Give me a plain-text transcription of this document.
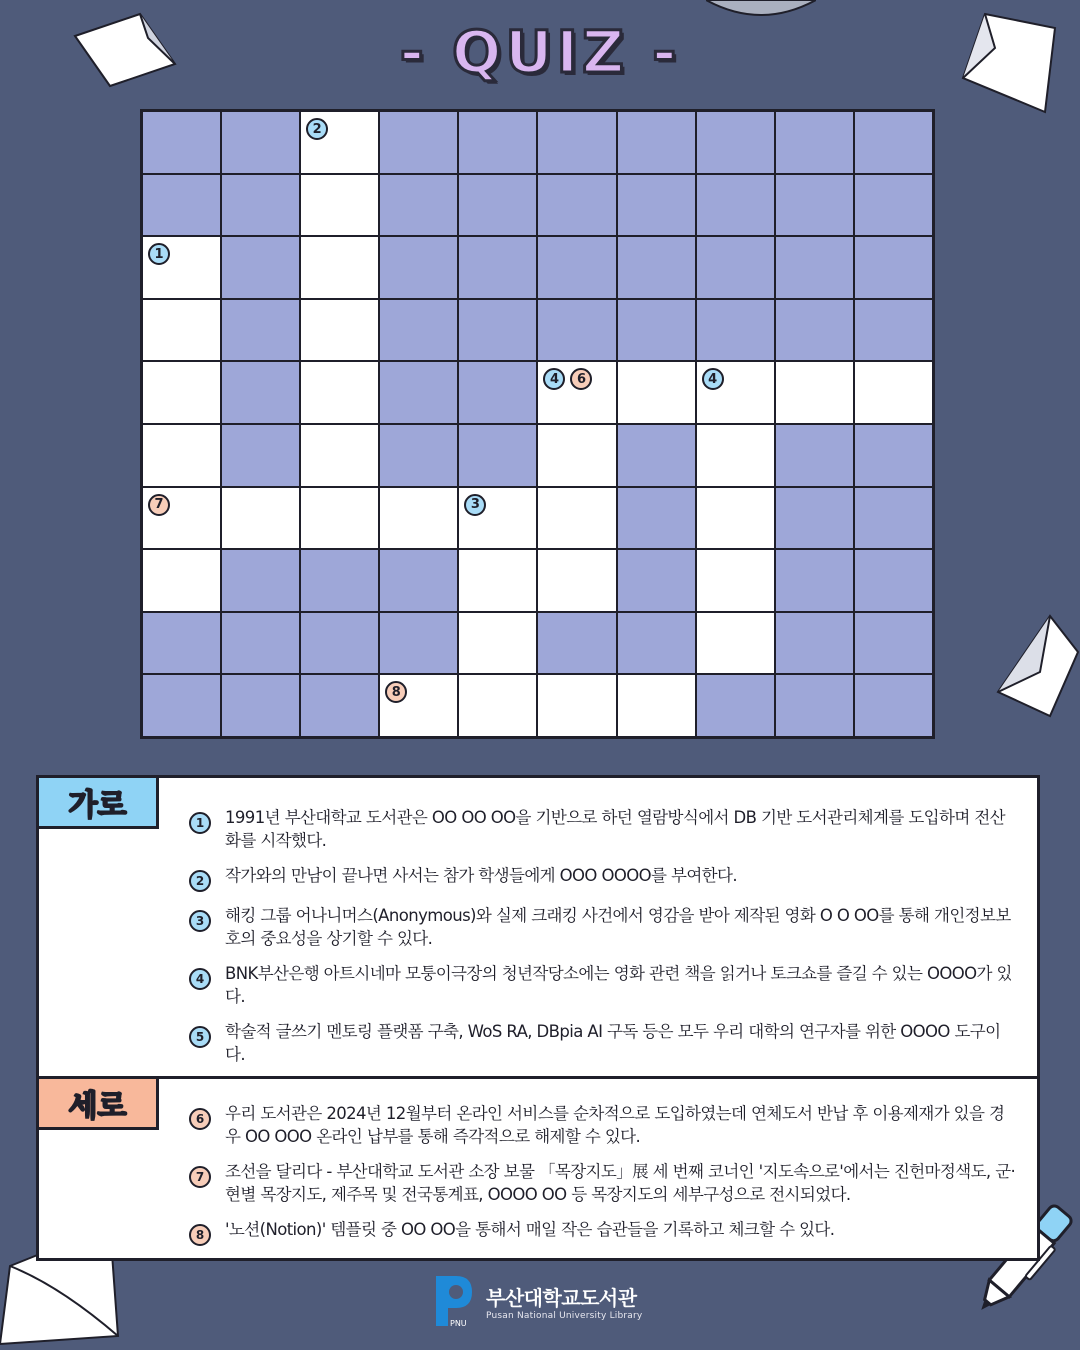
- QUIZ -
2
1
4	6	4
7	3
8
가로	1	1991년 부산대학교 도서관은 OO OO OO을 기반으로 하던 열람방식에서 DB 기반 도서관리체계를 도입하며 전산화를 시작했다.
2	작가와의 만남이 끝나면 사서는 참가 학생들에게 OOO OOOO를 부여한다.
3	해킹 그룹 어나니머스(Anonymous)와 실제 크래킹 사건에서 영감을 받아 제작된 영화 O O OO를 통해 개인정보보호의 중요성을 상기할 수 있다.
4	BNK부산은행 아트시네마 모퉁이극장의 청년작당소에는 영화 관련 책을 읽거나 토크쇼를 즐길 수 있는 OOOO가 있다.
5	학술적 글쓰기 멘토링 플랫폼 구축, WoS RA, DBpia AI 구독 등은 모두 우리 대학의 연구자를 위한 OOOO 도구이다.
세로	6	우리 도서관은 2024년 12월부터 온라인 서비스를 순차적으로 도입하였는데 연체도서 반납 후 이용제재가 있을 경우 OO OOO 온라인 납부를 통해 즉각적으로 해제할 수 있다.
7	조선을 달리다 - 부산대학교 도서관 소장 보물 「목장지도」展 세 번째 코너인 '지도속으로'에서는 진헌마정색도, 군·현별 목장지도, 제주목 및 전국통계표, OOOO OO 등 목장지도의 세부구성으로 전시되었다.
8	'노션(Notion)' 템플릿 중 OO OO을 통해서 매일 작은 습관들을 기록하고 체크할 수 있다.
PNU
부산대학교도서관
Pusan National University Library
